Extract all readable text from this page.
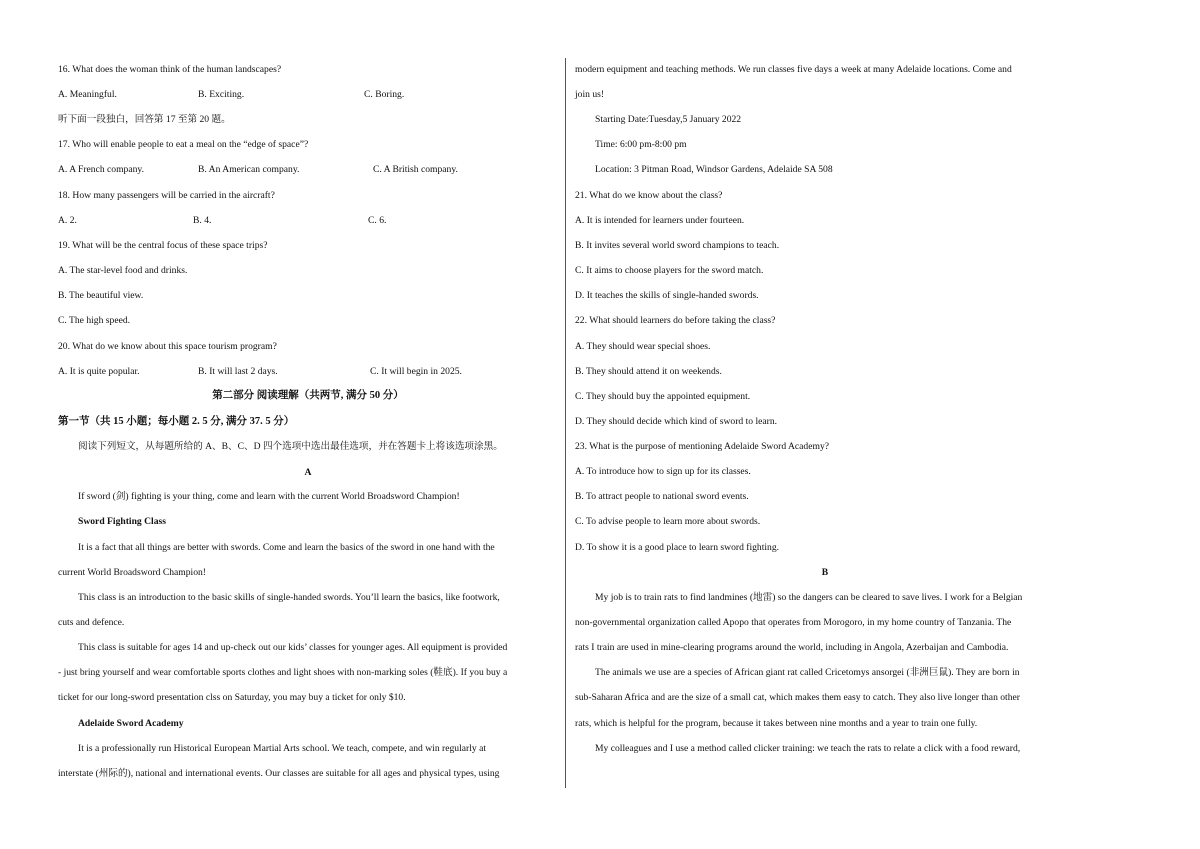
16. What does the woman think of the human landscapes?
A. Meaningful.	B. Exciting.	C. Boring.
听下面一段独白，回答第 17 至第 20 题。
17. Who will enable people to eat a meal on the “edge of space”?
A. A French company.	B. An American company.	C. A British company.
18. How many passengers will be carried in the aircraft?
A. 2.	B. 4.	C. 6.
19. What will be the central focus of these space trips?
A. The star-level food and drinks.
B. The beautiful view.
C. The high speed.
20. What do we know about this space tourism program?
A. It is quite popular.	B. It will last 2 days.	C. It will begin in 2025.
第二部分 阅读理解（共两节, 满分 50 分）
第一节（共 15 小题；每小题 2. 5 分, 满分 37. 5 分）
阅读下列短文，从每题所给的 A、B、C、D 四个选项中选出最佳选项，并在答题卡上将该选项涂黑。
A
If sword (剑) fighting is your thing, come and learn with the current World Broadsword Champion!
Sword Fighting Class
It is a fact that all things are better with swords. Come and learn the basics of the sword in one hand with the
current World Broadsword Champion!
This class is an introduction to the basic skills of single-handed swords. You’ll learn the basics, like footwork,
cuts and defence.
This class is suitable for ages 14 and up-check out our kids’ classes for younger ages. All equipment is provided
- just bring yourself and wear comfortable sports clothes and light shoes with non-marking soles (鞋底). If you buy a
ticket for our long-sword presentation clss on Saturday, you may buy a ticket for only $10.
Adelaide Sword Academy
It is a professionally run Historical European Martial Arts school. We teach, compete, and win regularly at
interstate (州际的), national and international events. Our classes are suitable for all ages and physical types, using
modern equipment and teaching methods. We run classes five days a week at many Adelaide locations. Come and
join us!
Starting Date:Tuesday,5 January 2022
Time: 6:00 pm-8:00 pm
Location: 3 Pitman Road, Windsor Gardens, Adelaide SA 508
21. What do we know about the class?
A. It is intended for learners under fourteen.
B. It invites several world sword champions to teach.
C. It aims to choose players for the sword match.
D. It teaches the skills of single-handed swords.
22. What should learners do before taking the class?
A. They should wear special shoes.
B. They should attend it on weekends.
C. They should buy the appointed equipment.
D. They should decide which kind of sword to learn.
23. What is the purpose of mentioning Adelaide Sword Academy?
A. To introduce how to sign up for its classes.
B. To attract people to national sword events.
C. To advise people to learn more about swords.
D. To show it is a good place to learn sword fighting.
B
My job is to train rats to find landmines (地雷) so the dangers can be cleared to save lives. I work for a Belgian
non-governmental organization called Apopo that operates from Morogoro, in my home country of Tanzania. The
rats I train are used in mine-clearing programs around the world, including in Angola, Azerbaijan and Cambodia.
The animals we use are a species of African giant rat called Cricetomys ansorgei (非洲巨鼠). They are born in
sub-Saharan Africa and are the size of a small cat, which makes them easy to catch. They also live longer than other
rats, which is helpful for the program, because it takes between nine months and a year to train one fully.
My colleagues and I use a method called clicker training: we teach the rats to relate a click with a food reward,
